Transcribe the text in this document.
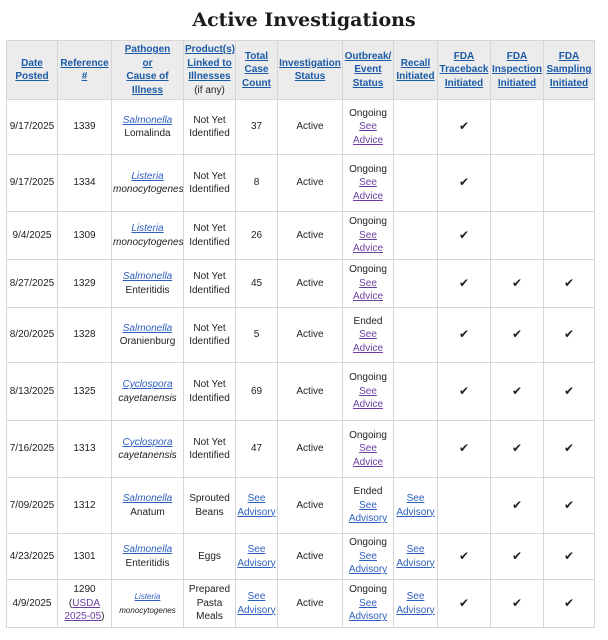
Active Investigations
Date
Posted	Reference
#	Pathogen
or
Cause of
Illness	Product(s)
Linked to
Illnesses
(if any)	Total
Case
Count	Investigation
Status	Outbreak/
Event
Status	Recall
Initiated	FDA
Traceback
Initiated	FDA
Inspection
Initiated	FDA
Sampling
Initiated
9/17/2025	1339	Salmonella
Lomalinda	Not Yet
Identified	37	Active	Ongoing
See
Advice		✔		
9/17/2025	1334	Listeria
monocytogenes	Not Yet
Identified	8	Active	Ongoing
See
Advice		✔		
9/4/2025	1309	Listeria
monocytogenes	Not Yet
Identified	26	Active	Ongoing
See
Advice		✔		
8/27/2025	1329	Salmonella
Enteritidis	Not Yet
Identified	45	Active	Ongoing
See
Advice		✔	✔	✔
8/20/2025	1328	Salmonella
Oranienburg	Not Yet
Identified	5	Active	Ended
See
Advice		✔	✔	✔
8/13/2025	1325	Cyclospora
cayetanensis	Not Yet
Identified	69	Active	Ongoing
See
Advice		✔	✔	✔
7/16/2025	1313	Cyclospora
cayetanensis	Not Yet
Identified	47	Active	Ongoing
See
Advice		✔	✔	✔
7/09/2025	1312	Salmonella
Anatum	Sprouted
Beans	See
Advisory	Active	Ended
See
Advisory	See
Advisory		✔	✔
4/23/2025	1301	Salmonella
Enteritidis	Eggs	See
Advisory	Active	Ongoing
See
Advisory	See
Advisory	✔	✔	✔
4/9/2025	1290
(USDA
2025-05)	Listeria
monocytogenes	Prepared
Pasta
Meals	See
Advisory	Active	Ongoing
See
Advisory	See
Advisory	✔	✔	✔
